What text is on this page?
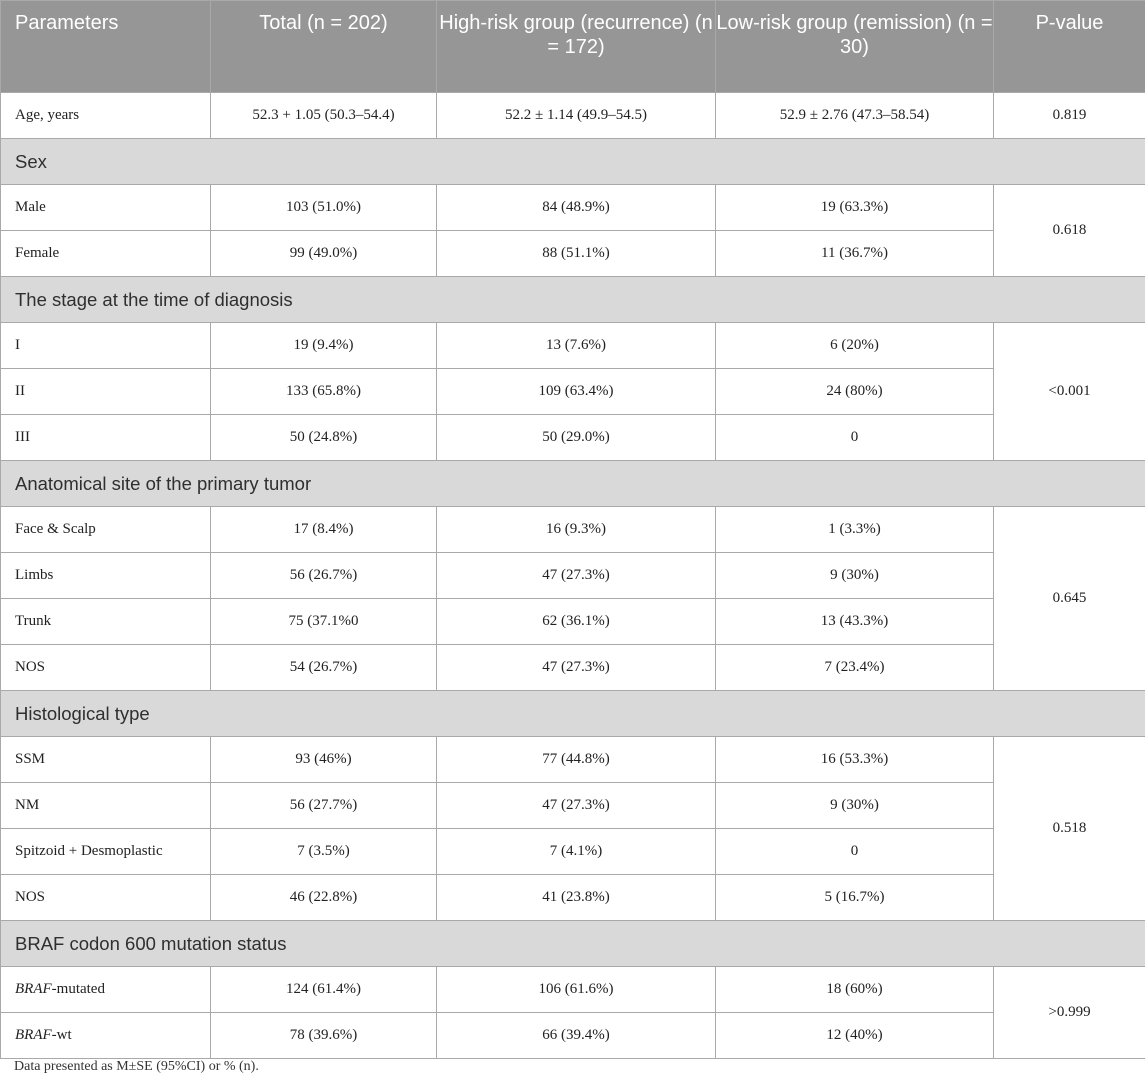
Parameters	Total (n = 202)	High-risk group (recurrence) (n = 172)	Low-risk group (remission) (n = 30)	P-value
Age, years	52.3 + 1.05 (50.3–54.4)	52.2 ± 1.14 (49.9–54.5)	52.9 ± 2.76 (47.3–58.54)	0.819
Sex				
Male	103 (51.0%)	84 (48.9%)	19 (63.3%)	0.618
Female	99 (49.0%)	88 (51.1%)	11 (36.7%)	
The stage at the time of diagnosis				
I	19 (9.4%)	13 (7.6%)	6 (20%)	<0.001
II	133 (65.8%)	109 (63.4%)	24 (80%)	
III	50 (24.8%)	50 (29.0%)	0	
Anatomical site of the primary tumor				
Face & Scalp	17 (8.4%)	16 (9.3%)	1 (3.3%)	0.645
Limbs	56 (26.7%)	47 (27.3%)	9 (30%)	
Trunk	75 (37.1%0	62 (36.1%)	13 (43.3%)	
NOS	54 (26.7%)	47 (27.3%)	7 (23.4%)	
Histological type				
SSM	93 (46%)	77 (44.8%)	16 (53.3%)	0.518
NM	56 (27.7%)	47 (27.3%)	9 (30%)	
Spitzoid + Desmoplastic	7 (3.5%)	7 (4.1%)	0	
NOS	46 (22.8%)	41 (23.8%)	5 (16.7%)	
BRAF codon 600 mutation status				
BRAF-mutated	124 (61.4%)	106 (61.6%)	18 (60%)	>0.999
BRAF-wt	78 (39.6%)	66 (39.4%)	12 (40%)	
Data presented as M±SE (95%CI) or % (n).
